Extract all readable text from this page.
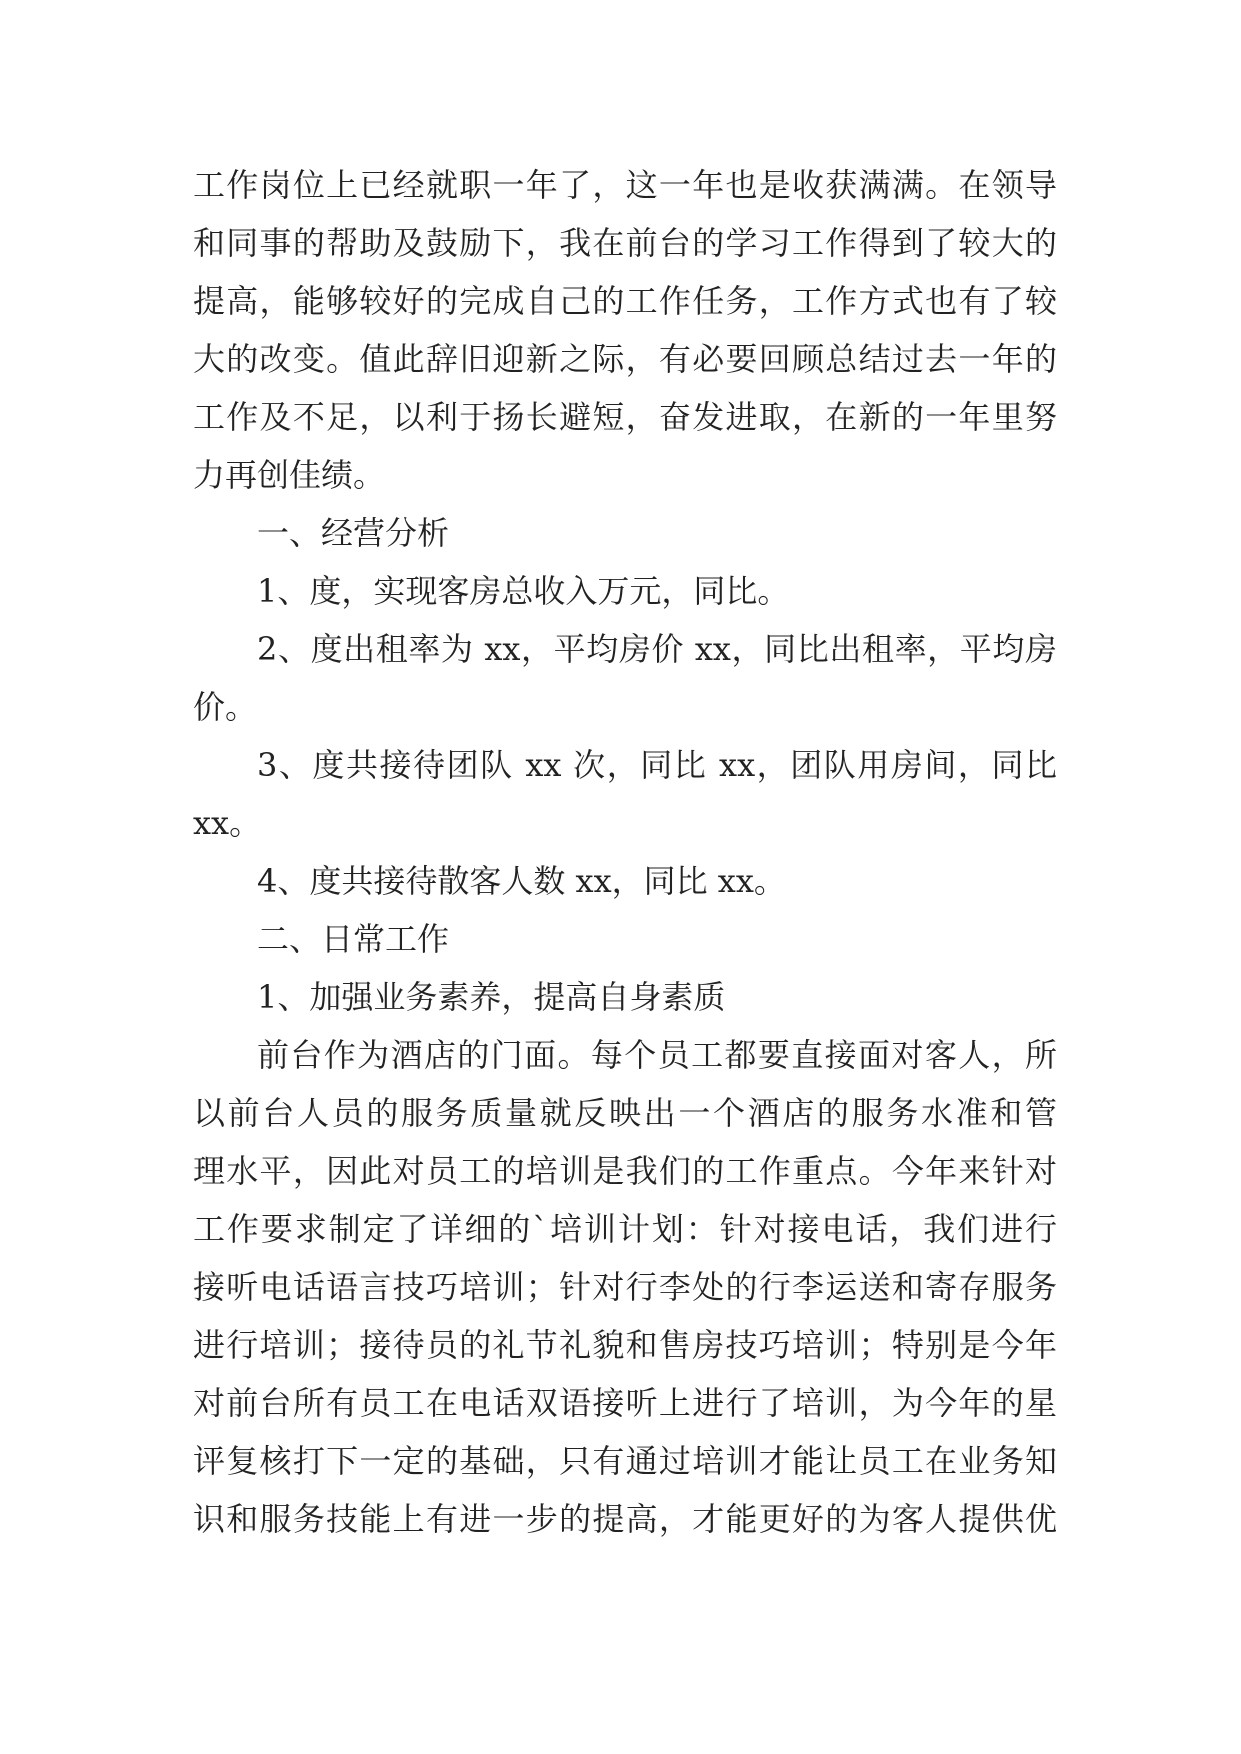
工作岗位上已经就职一年了，这一年也是收获满满。在领导
和同事的帮助及鼓励下，我在前台的学习工作得到了较大的
提高，能够较好的完成自己的工作任务，工作方式也有了较
大的改变。值此辞旧迎新之际，有必要回顾总结过去一年的
工作及不足，以利于扬长避短，奋发进取，在新的一年里努
力再创佳绩。
一、经营分析
1、度，实现客房总收入万元，同比。
2、度出租率为 xx，平均房价 xx，同比出租率，平均房
价。
3、度共接待团队 xx 次，同比 xx，团队用房间，同比
xx。
4、度共接待散客人数 xx，同比 xx。
二、日常工作
1、加强业务素养，提高自身素质
前台作为酒店的门面。每个员工都要直接面对客人，所
以前台人员的服务质量就反映出一个酒店的服务水准和管
理水平，因此对员工的培训是我们的工作重点。今年来针对
工作要求制定了详细的`培训计划：针对接电话，我们进行
接听电话语言技巧培训；针对行李处的行李运送和寄存服务
进行培训；接待员的礼节礼貌和售房技巧培训；特别是今年
对前台所有员工在电话双语接听上进行了培训，为今年的星
评复核打下一定的基础，只有通过培训才能让员工在业务知
识和服务技能上有进一步的提高，才能更好的为客人提供优
